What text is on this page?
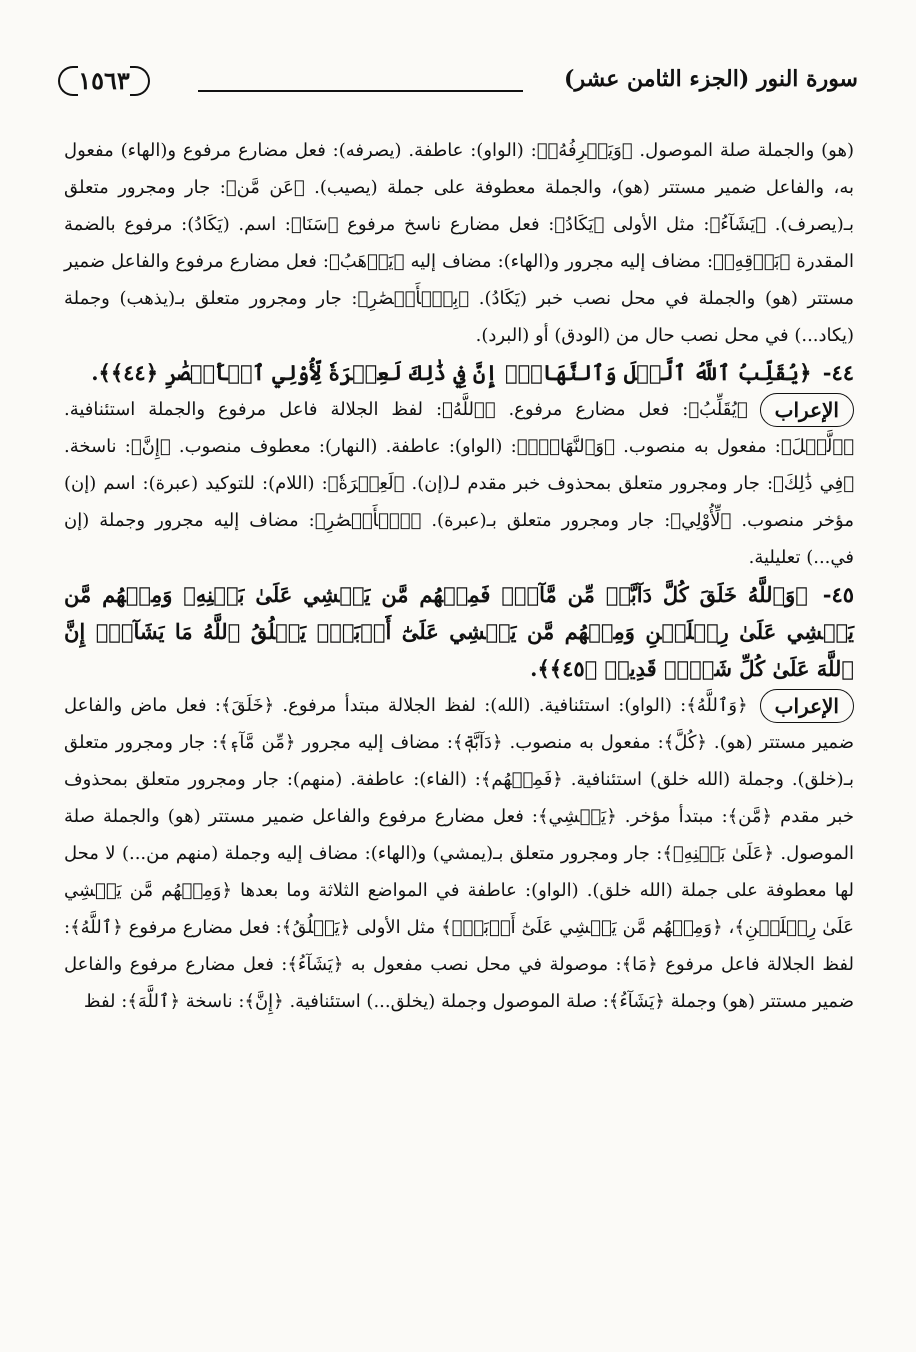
سورة النور (الجزء الثامن عشر)
١٥٦٣

(هو) والجملة صلة الموصول. ﴿وَيَصۡرِفُهُۥ﴾: (الواو): عاطفة. (يصرفه): فعل مضارع مرفوع و(الهاء) مفعول به، والفاعل ضمير مستتر (هو)، والجملة معطوفة على جملة (يصيب). ﴿عَن مَّن﴾: جار ومجرور متعلق بـ(يصرف). ﴿يَشَآءُ﴾: مثل الأولى ﴿يَكَادُ﴾: فعل مضارع ناسخ مرفوع ﴿سَنَا﴾: اسم. (يَكَادُ): مرفوع بالضمة المقدرة ﴿بَرۡقِهِۦ﴾: مضاف إليه مجرور و(الهاء): مضاف إليه ﴿يَذۡهَبُ﴾: فعل مضارع مرفوع والفاعل ضمير مستتر (هو) والجملة في محل نصب خبر (يَكَادُ). ﴿بِٱلۡأَبۡصَٰرِ﴾: جار ومجرور متعلق بـ(يذهب) وجملة (يكاد...) في محل نصب حال من (الودق) أو (البرد).

٤٤- ﴿يُقَلِّبُ ٱللَّهُ ٱلَّيۡلَ وَٱلنَّهَارَۚ إِنَّ فِي ذَٰلِكَ لَعِبۡرَةٗ لِّأُوْلِي ٱلۡأَبۡصَٰرِ ﴿٤٤﴾﴾.

الإعراب
﴿يُقَلِّبُ﴾: فعل مضارع مرفوع. ﴿ٱللَّهُ﴾: لفظ الجلالة فاعل مرفوع والجملة استئنافية. ﴿ٱلَّيۡلَ﴾: مفعول به منصوب. ﴿وَٱلنَّهَارَۚ﴾: (الواو): عاطفة. (النهار): معطوف منصوب. ﴿إِنَّ﴾: ناسخة. ﴿فِي ذَٰلِكَ﴾: جار ومجرور متعلق بمحذوف خبر مقدم لـ(إن). ﴿لَعِبۡرَةٗ﴾: (اللام): للتوكيد (عبرة): اسم (إن) مؤخر منصوب. ﴿لِّأُوْلِي﴾: جار ومجرور متعلق بـ(عبرة). ﴿ٱلۡأَبۡصَٰرِ﴾: مضاف إليه مجرور وجملة (إن في...) تعليلية.

٤٥- ﴿وَٱللَّهُ خَلَقَ كُلَّ دَآبَّةٖ مِّن مَّآءٖۖ فَمِنۡهُم مَّن يَمۡشِي عَلَىٰ بَطۡنِهِۦ وَمِنۡهُم مَّن يَمۡشِي عَلَىٰ رِجۡلَيۡنِ وَمِنۡهُم مَّن يَمۡشِي عَلَىٰٓ أَرۡبَعٖۚ يَخۡلُقُ ٱللَّهُ مَا يَشَآءُۚ إِنَّ ٱللَّهَ عَلَىٰ كُلِّ شَيۡءٖ قَدِيرٞ ﴿٤٥﴾﴾.

الإعراب
﴿وَٱللَّهُ﴾: (الواو): استئنافية. (الله): لفظ الجلالة مبتدأ مرفوع. ﴿خَلَقَ﴾: فعل ماض والفاعل ضمير مستتر (هو). ﴿كُلَّ﴾: مفعول به منصوب. ﴿دَآبَّةٖ﴾: مضاف إليه مجرور ﴿مِّن مَّآءٖ﴾: جار ومجرور متعلق بـ(خلق). وجملة (الله خلق) استئنافية. ﴿فَمِنۡهُم﴾: (الفاء): عاطفة. (منهم): جار ومجرور متعلق بمحذوف خبر مقدم ﴿مَّن﴾: مبتدأ مؤخر. ﴿يَمۡشِي﴾: فعل مضارع مرفوع والفاعل ضمير مستتر (هو) والجملة صلة الموصول. ﴿عَلَىٰ بَطۡنِهِۦ﴾: جار ومجرور متعلق بـ(يمشي) و(الهاء): مضاف إليه وجملة (منهم من...) لا محل لها معطوفة على جملة (الله خلق). (الواو): عاطفة في المواضع الثلاثة وما بعدها ﴿وَمِنۡهُم مَّن يَمۡشِي عَلَىٰ رِجۡلَيۡنِ﴾، ﴿وَمِنۡهُم مَّن يَمۡشِي عَلَىٰٓ أَرۡبَعٖۚ﴾ مثل الأولى ﴿يَخۡلُقُ﴾: فعل مضارع مرفوع ﴿ٱللَّهُ﴾: لفظ الجلالة فاعل مرفوع ﴿مَا﴾: موصولة في محل نصب مفعول به ﴿يَشَآءُ﴾: فعل مضارع مرفوع والفاعل ضمير مستتر (هو) وجملة ﴿يَشَآءُ﴾: صلة الموصول وجملة (يخلق...) استئنافية. ﴿إِنَّ﴾: ناسخة ﴿ٱللَّهَ﴾: لفظ
